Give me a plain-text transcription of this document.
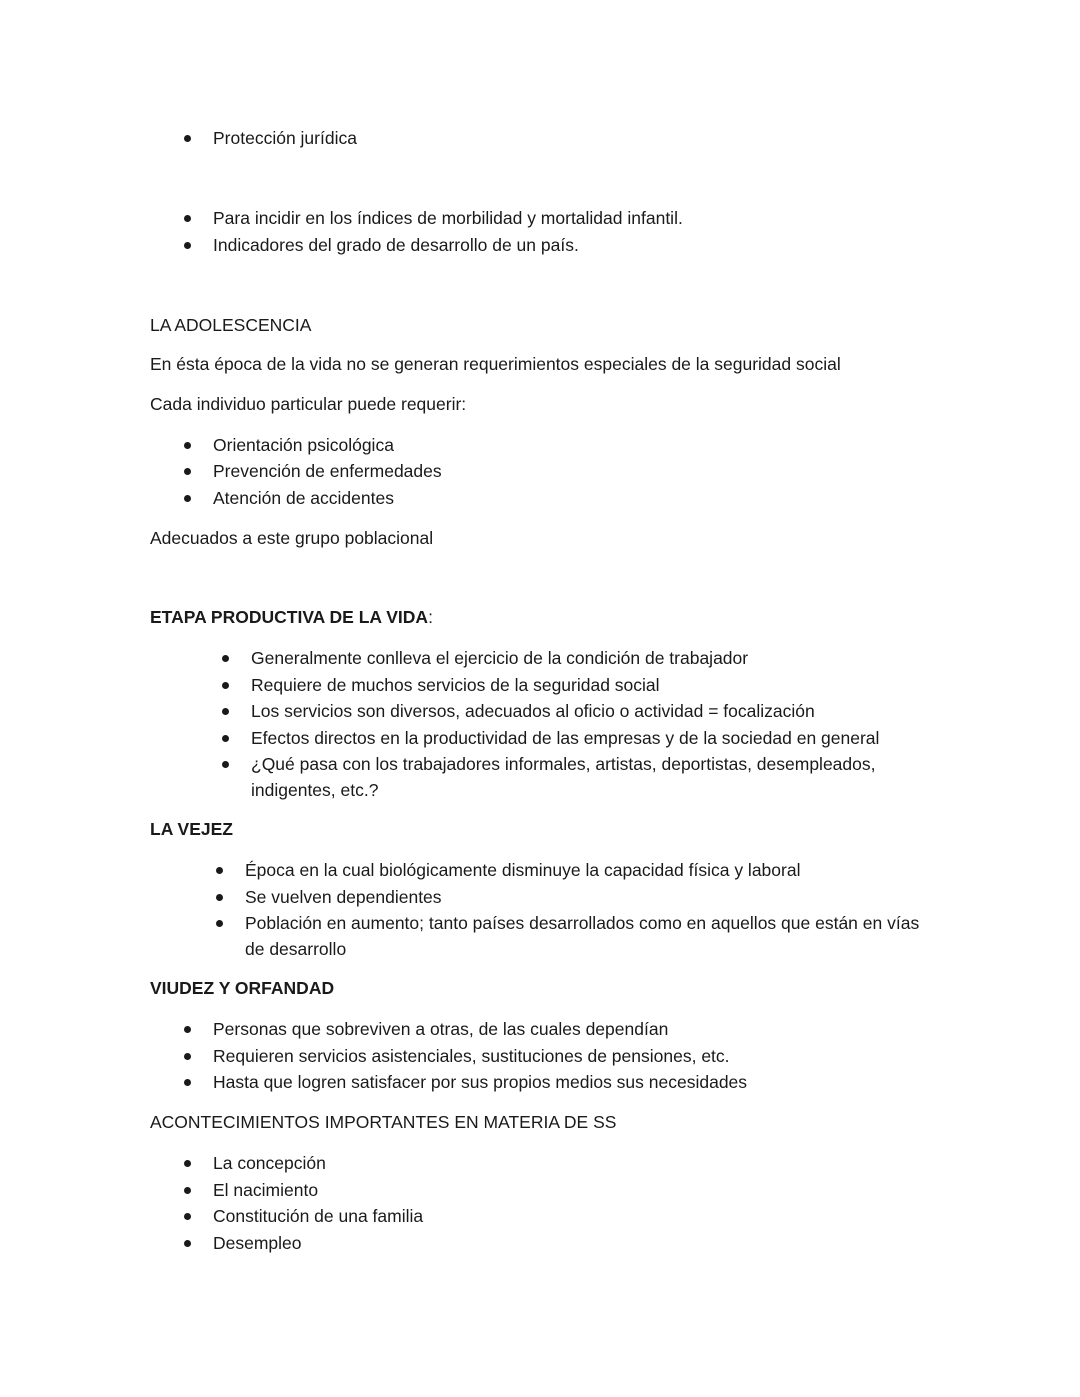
Protección jurídica
Para incidir en los índices de morbilidad y mortalidad infantil.
Indicadores del grado de desarrollo de un país.
LA ADOLESCENCIA
En ésta época de la vida no se generan requerimientos especiales de la seguridad social
Cada individuo particular puede requerir:
Orientación psicológica
Prevención de enfermedades
Atención de accidentes
Adecuados a este grupo poblacional
ETAPA PRODUCTIVA DE LA VIDA:
Generalmente conlleva el ejercicio de la condición de trabajador
Requiere de muchos servicios de la seguridad social
Los servicios son diversos, adecuados al oficio o actividad = focalización
Efectos directos en la productividad de las empresas y de la sociedad en general
¿Qué pasa con los trabajadores informales, artistas, deportistas, desempleados,
indigentes, etc.?
LA VEJEZ
Época en la cual biológicamente disminuye la capacidad física y laboral
Se vuelven dependientes
Población en aumento; tanto países desarrollados como en aquellos que están en vías
de desarrollo
VIUDEZ Y ORFANDAD
Personas que sobreviven a otras, de las cuales dependían
Requieren servicios asistenciales, sustituciones de pensiones, etc.
Hasta que logren satisfacer por sus propios medios sus necesidades
ACONTECIMIENTOS IMPORTANTES EN MATERIA DE SS
La concepción
El nacimiento
Constitución de una familia
Desempleo
